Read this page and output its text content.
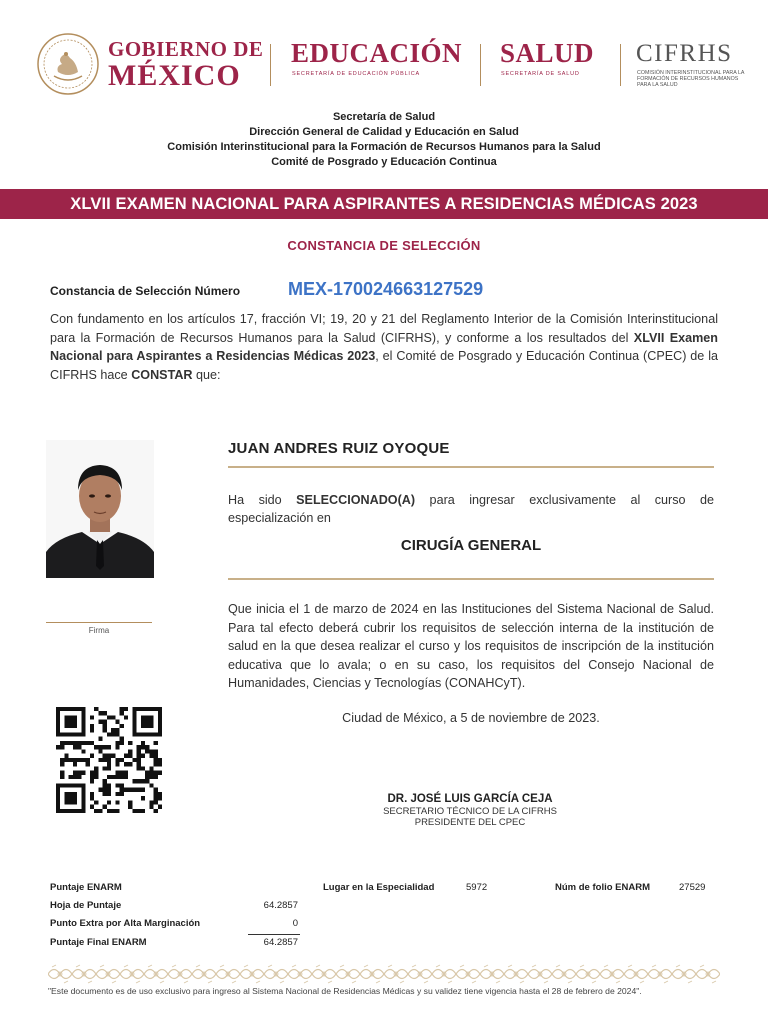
GOBIERNO DE
MÉXICO
EDUCACIÓN
SECRETARÍA DE EDUCACIÓN PÚBLICA
SALUD
SECRETARÍA DE SALUD
CIFRHS
COMISIÓN INTERINSTITUCIONAL PARA LA FORMACIÓN DE RECURSOS HUMANOS PARA LA SALUD
Secretaría de Salud
Dirección General de Calidad y Educación en Salud
Comisión Interinstitucional para la Formación de Recursos Humanos para la Salud
Comité de Posgrado y Educación Continua
XLVII EXAMEN NACIONAL PARA ASPIRANTES A RESIDENCIAS MÉDICAS 2023
CONSTANCIA DE SELECCIÓN
Constancia de Selección Número	MEX-170024663127529
Con fundamento en los artículos 17, fracción VI; 19, 20 y 21 del Reglamento Interior de la Comisión Interinstitucional para la Formación de Recursos Humanos para la Salud (CIFRHS), y conforme a los resultados del XLVII Examen Nacional para Aspirantes a Residencias Médicas 2023, el Comité de Posgrado y Educación Continua (CPEC) de la CIFRHS hace CONSTAR que:
Firma
JUAN ANDRES RUIZ OYOQUE
Ha sido SELECCIONADO(A) para ingresar exclusivamente al curso de especialización en
CIRUGÍA GENERAL
Que inicia el 1 de marzo de 2024 en las Instituciones del Sistema Nacional de Salud. Para tal efecto deberá cubrir los requisitos de selección interna de la institución de salud en la que desea realizar el curso y los requisitos de inscripción de la institución educativa que lo avala; o en su caso, los requisitos del Consejo Nacional de Humanidades, Ciencias y Tecnologías (CONAHCyT).
Ciudad de México, a 5 de noviembre de 2023.
DR. JOSÉ LUIS GARCÍA CEJA
SECRETARIO TÉCNICO DE LA CIFRHS
PRESIDENTE DEL CPEC
Puntaje ENARM
Hoja de Puntaje	64.2857
Punto Extra por Alta Marginación	0
Puntaje Final ENARM	64.2857
Lugar en la Especialidad	5972	Núm de folio ENARM	27529
"Este documento es de uso exclusivo para ingreso al Sistema Nacional de Residencias Médicas y su validez tiene vigencia hasta el 28 de febrero de 2024".
